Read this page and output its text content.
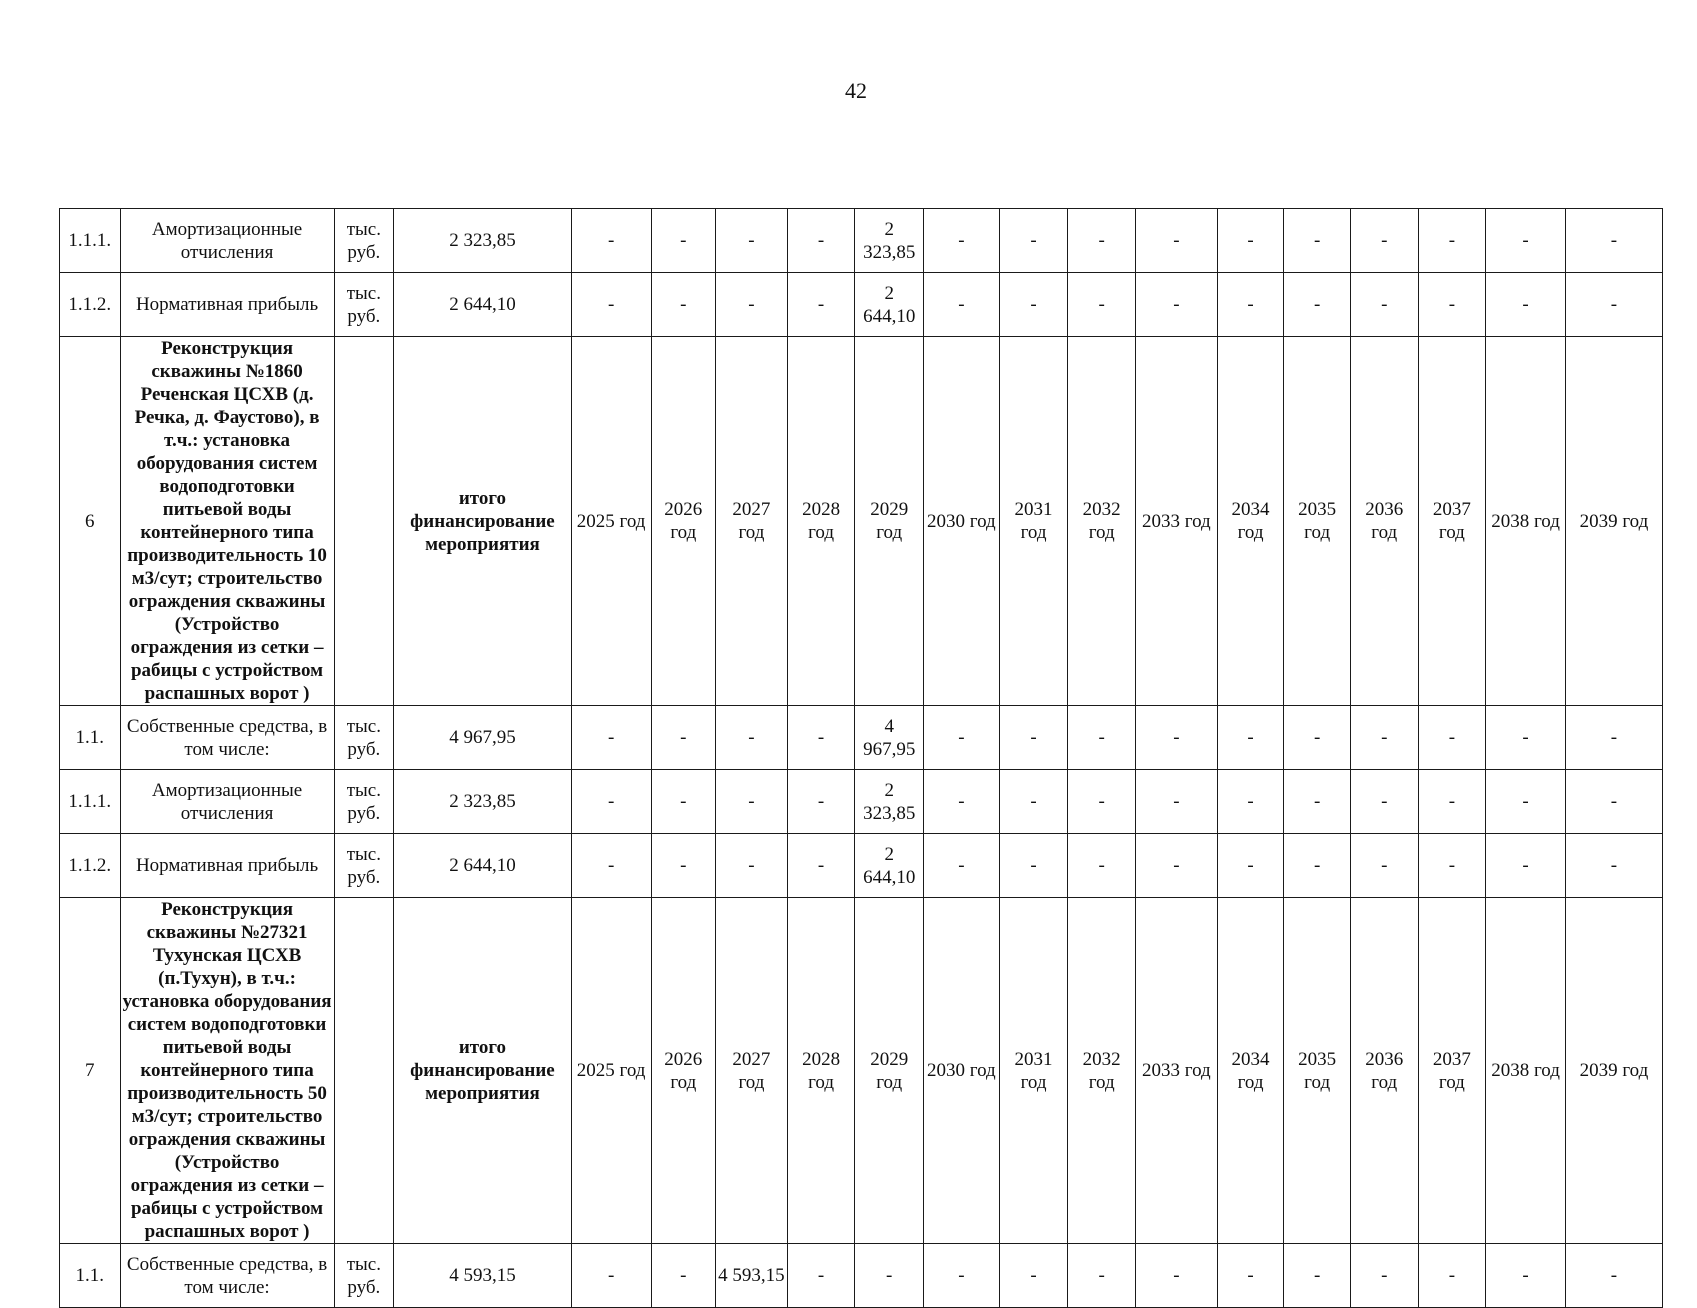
42
1.1.1.	Амортизационные отчисления	тыс. руб.	2 323,85	-	-	-	-	2 323,85	-	-	-	-	-	-	-	-	-	-
1.1.2.	Нормативная прибыль	тыс. руб.	2 644,10	-	-	-	-	2 644,10	-	-	-	-	-	-	-	-	-	-
6	Реконструкция скважины №1860 Реченская ЦСХВ (д. Речка, д. Фаустово), в т.ч.: установка оборудования систем водоподготовки питьевой воды контейнерного типа производительность 10 м3/сут; строительство ограждения скважины (Устройство ограждения из сетки – рабицы с устройством распашных ворот )		итого финансирование мероприятия	2025 год	2026 год	2027 год	2028 год	2029 год	2030 год	2031 год	2032 год	2033 год	2034 год	2035 год	2036 год	2037 год	2038 год	2039 год
1.1.	Собственные средства, в том числе:	тыс. руб.	4 967,95	-	-	-	-	4 967,95	-	-	-	-	-	-	-	-	-	-
1.1.1.	Амортизационные отчисления	тыс. руб.	2 323,85	-	-	-	-	2 323,85	-	-	-	-	-	-	-	-	-	-
1.1.2.	Нормативная прибыль	тыс. руб.	2 644,10	-	-	-	-	2 644,10	-	-	-	-	-	-	-	-	-	-
7	Реконструкция скважины №27321 Тухунская ЦСХВ (п.Тухун), в т.ч.: установка оборудования систем водоподготовки питьевой воды контейнерного типа производительность 50 м3/сут; строительство ограждения скважины (Устройство ограждения из сетки – рабицы с устройством распашных ворот )		итого финансирование мероприятия	2025 год	2026 год	2027 год	2028 год	2029 год	2030 год	2031 год	2032 год	2033 год	2034 год	2035 год	2036 год	2037 год	2038 год	2039 год
1.1.	Собственные средства, в том числе:	тыс. руб.	4 593,15	-	-	4 593,15	-	-	-	-	-	-	-	-	-	-	-	-
